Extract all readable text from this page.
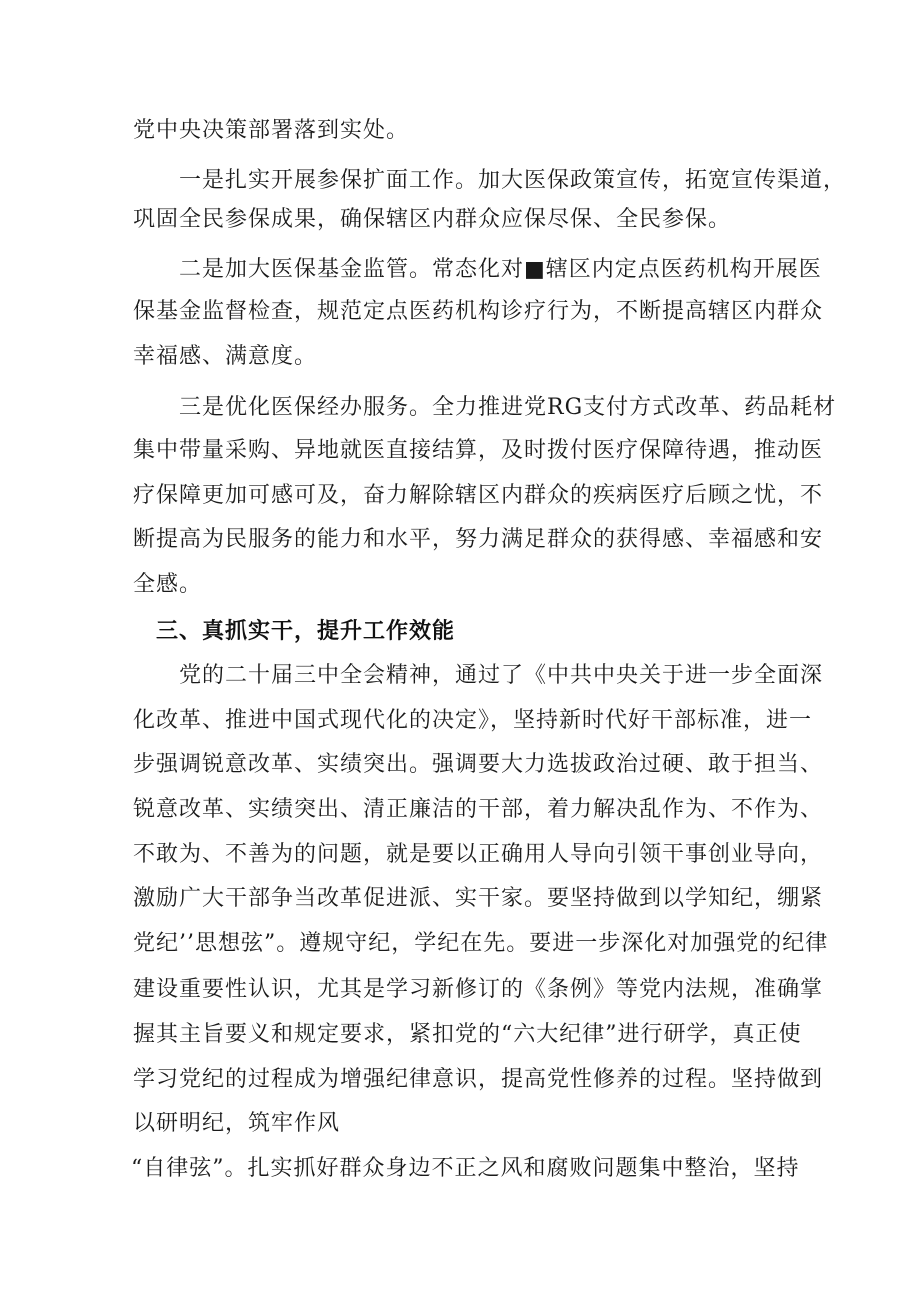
党中央决策部署落到实处。
　　一是扎实开展参保扩面工作。加大医保政策宣传，拓宽宣传渠道，
巩固全民参保成果，确保辖区内群众应保尽保、全民参保。
　　二是加大医保基金监管。常态化对■辖区内定点医药机构开展医
保基金监督检查，规范定点医药机构诊疗行为，不断提高辖区内群众
幸福感、满意度。
　　三是优化医保经办服务。全力推进党RG支付方式改革、药品耗材
集中带量采购、异地就医直接结算，及时拨付医疗保障待遇，推动医
疗保障更加可感可及，奋力解除辖区内群众的疾病医疗后顾之忧，不
断提高为民服务的能力和水平，努力满足群众的获得感、幸福感和安
全感。
　三、真抓实干，提升工作效能
　　党的二十届三中全会精神，通过了《中共中央关于进一步全面深
化改革、推进中国式现代化的决定》，坚持新时代好干部标准，进一
步强调锐意改革、实绩突出。强调要大力选拔政治过硬、敢于担当、
锐意改革、实绩突出、清正廉洁的干部，着力解决乱作为、不作为、
不敢为、不善为的问题，就是要以正确用人导向引领干事创业导向，
激励广大干部争当改革促进派、实干家。要坚持做到以学知纪，绷紧
党纪’’思想弦”。遵规守纪，学纪在先。要进一步深化对加强党的纪律
建设重要性认识，尤其是学习新修订的《条例》等党内法规，准确掌
握其主旨要义和规定要求，紧扣党的“六大纪律”进行研学，真正使
学习党纪的过程成为增强纪律意识，提高党性修养的过程。坚持做到
以研明纪，筑牢作风
“自律弦”。扎实抓好群众身边不正之风和腐败问题集中整治，坚持
